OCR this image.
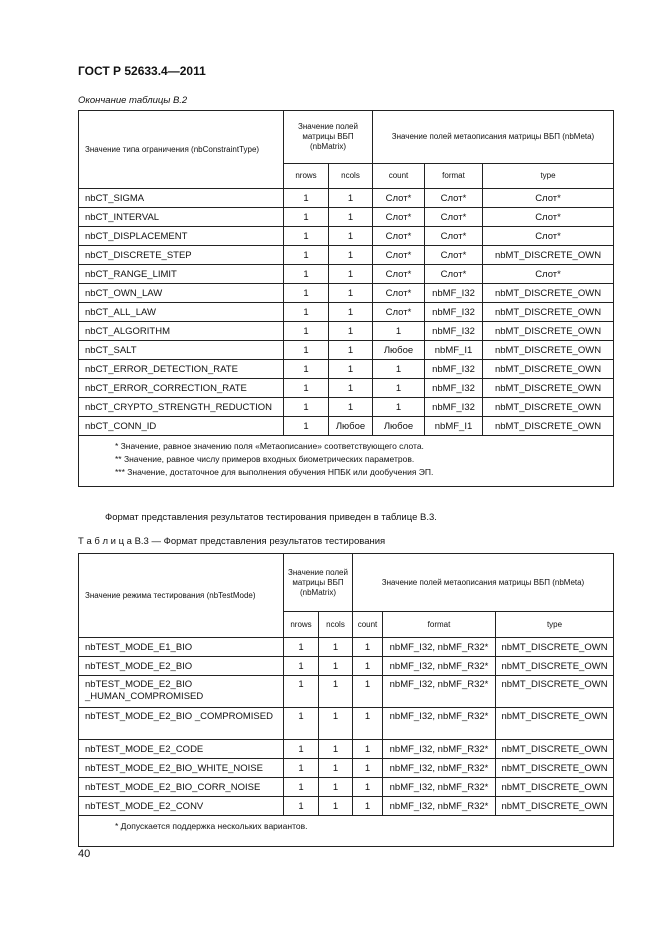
ГОСТ Р 52633.4—2011
Окончание таблицы В.2
Значение типа ограничения (nbConstraintType)	Значение полей матрицы ВБП (nbMatrix)		Значение полей метаописания матрицы ВБП (nbMeta)		
	nrows	ncols	count	format	type
nbCT_SIGMA	1	1	Слот*	Слот*	Слот*
nbCT_INTERVAL	1	1	Слот*	Слот*	Слот*
nbCT_DISPLACEMENT	1	1	Слот*	Слот*	Слот*
nbCT_DISCRETE_STEP	1	1	Слот*	Слот*	nbMT_DISCRETE_OWN
nbCT_RANGE_LIMIT	1	1	Слот*	Слот*	Слот*
nbCT_OWN_LAW	1	1	Слот*	nbMF_I32	nbMT_DISCRETE_OWN
nbCT_ALL_LAW	1	1	Слот*	nbMF_I32	nbMT_DISCRETE_OWN
nbCT_ALGORITHM	1	1	1	nbMF_I32	nbMT_DISCRETE_OWN
nbCT_SALT	1	1	Любое	nbMF_I1	nbMT_DISCRETE_OWN
nbCT_ERROR_DETECTION_RATE	1	1	1	nbMF_I32	nbMT_DISCRETE_OWN
nbCT_ERROR_CORRECTION_RATE	1	1	1	nbMF_I32	nbMT_DISCRETE_OWN
nbCT_CRYPTO_STRENGTH_REDUCTION	1	1	1	nbMF_I32	nbMT_DISCRETE_OWN
nbCT_CONN_ID	1	Любое	Любое	nbMF_I1	nbMT_DISCRETE_OWN

* Значение, равное значению поля «Метаописание» соответствующего слота.
** Значение, равное числу примеров входных биометрических параметров.
*** Значение, достаточное для выполнения обучения НПБК или дообучения ЭП.					
Формат представления результатов тестирования приведен в таблице В.3.
Т а б л и ц а В.3 — Формат представления результатов тестирования
Значение режима тестирования (nbTestMode)	Значение полей матрицы ВБП (nbMatrix)		Значение полей метаописания матрицы ВБП (nbMeta)		
	nrows	ncols	count	format	type
nbTEST_MODE_E1_BIO	1	1	1	nbMF_I32, nbMF_R32*	nbMT_DISCRETE_OWN
nbTEST_MODE_E2_BIO	1	1	1	nbMF_I32, nbMF_R32*	nbMT_DISCRETE_OWN
nbTEST_MODE_E2_BIO _HUMAN_COMPROMISED	1	1	1	nbMF_I32, nbMF_R32*	nbMT_DISCRETE_OWN
nbTEST_MODE_E2_BIO _COMPROMISED	1	1	1	nbMF_I32, nbMF_R32*	nbMT_DISCRETE_OWN
nbTEST_MODE_E2_CODE	1	1	1	nbMF_I32, nbMF_R32*	nbMT_DISCRETE_OWN
nbTEST_MODE_E2_BIO_WHITE_NOISE	1	1	1	nbMF_I32, nbMF_R32*	nbMT_DISCRETE_OWN
nbTEST_MODE_E2_BIO_CORR_NOISE	1	1	1	nbMF_I32, nbMF_R32*	nbMT_DISCRETE_OWN
nbTEST_MODE_E2_CONV	1	1	1	nbMF_I32, nbMF_R32*	nbMT_DISCRETE_OWN

* Допускается поддержка нескольких вариантов.					
40
